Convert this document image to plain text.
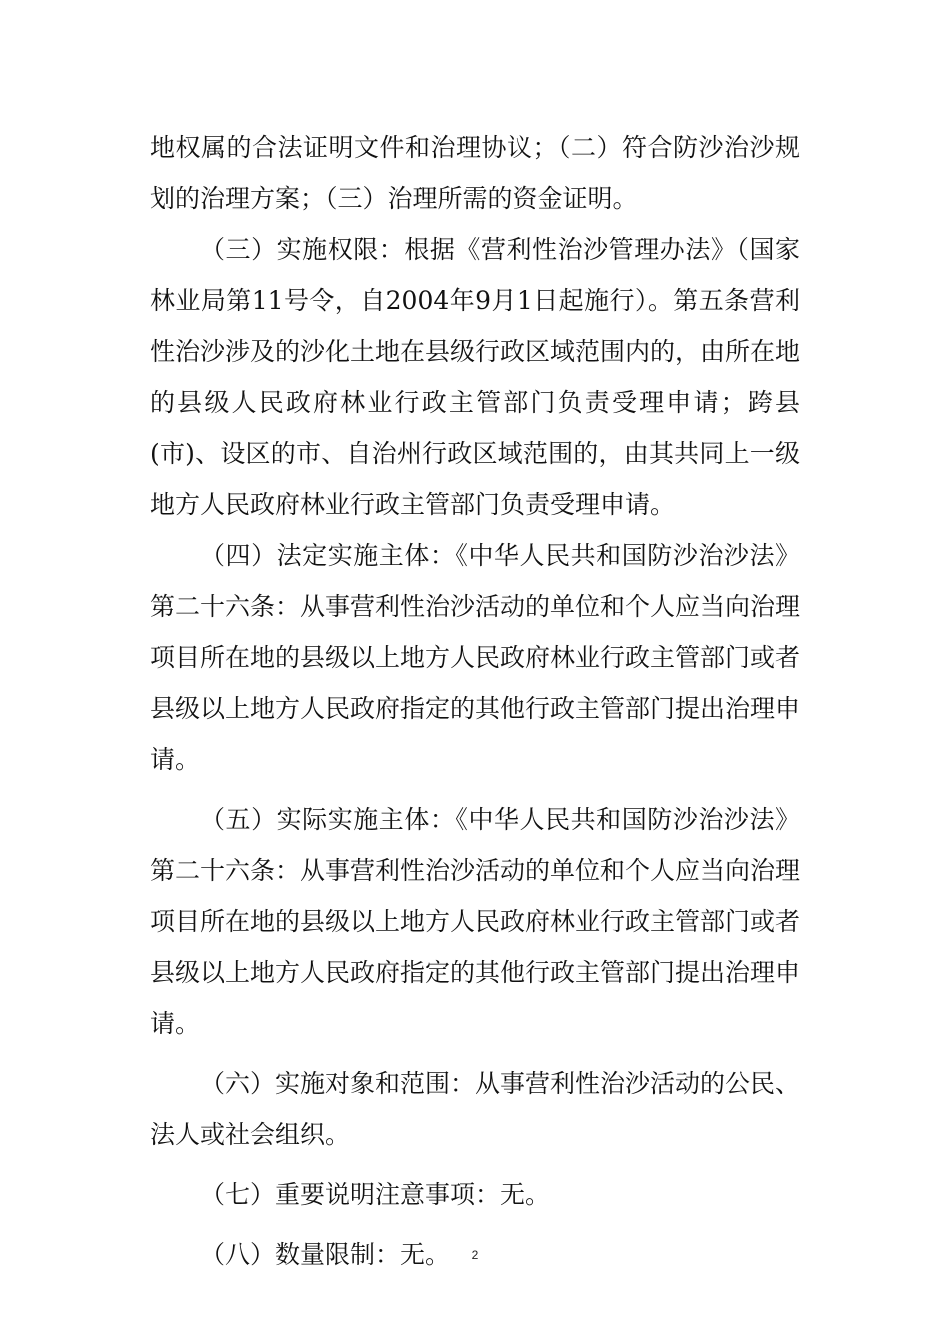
地权属的合法证明文件和治理协议；（二）符合防沙治沙规划的治理方案；（三）治理所需的资金证明。

（三）实施权限：根据《营利性治沙管理办法》（国家林业局第11号令，自2004年9月1日起施行）。第五条营利性治沙涉及的沙化土地在县级行政区域范围内的，由所在地的县级人民政府林业行政主管部门负责受理申请；跨县(市)、设区的市、自治州行政区域范围的，由其共同上一级地方人民政府林业行政主管部门负责受理申请。

（四）法定实施主体：《中华人民共和国防沙治沙法》第二十六条：从事营利性治沙活动的单位和个人应当向治理项目所在地的县级以上地方人民政府林业行政主管部门或者县级以上地方人民政府指定的其他行政主管部门提出治理申请。

（五）实际实施主体：《中华人民共和国防沙治沙法》第二十六条：从事营利性治沙活动的单位和个人应当向治理项目所在地的县级以上地方人民政府林业行政主管部门或者县级以上地方人民政府指定的其他行政主管部门提出治理申请。

（六）实施对象和范围：从事营利性治沙活动的公民、法人或社会组织。

（七）重要说明注意事项：无。

（八）数量限制：无。	2
